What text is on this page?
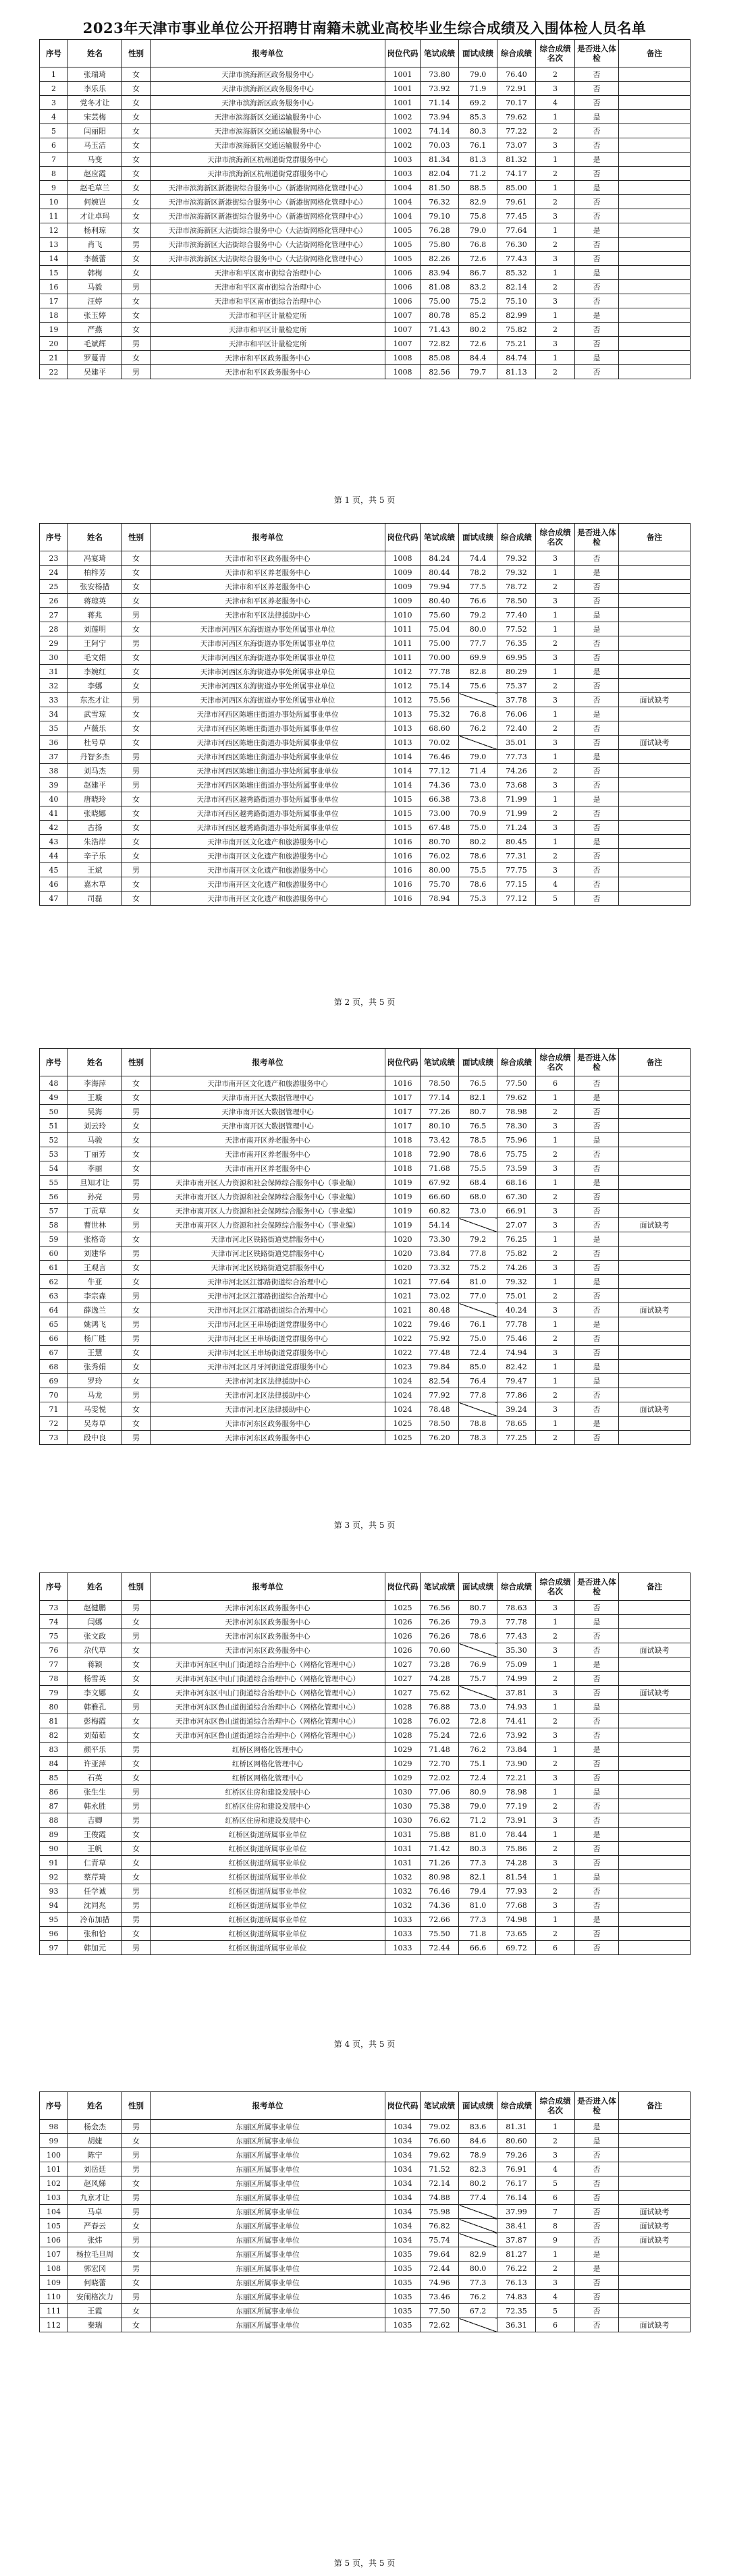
2023年天津市事业单位公开招聘甘南籍未就业高校毕业生综合成绩及入围体检人员名单
序号	姓名	性别	报考单位	岗位代码	笔试成绩	面试成绩	综合成绩	综合成绩名次	是否进入体检	备注
1	张瑞琦	女	天津市滨海新区政务服务中心	1001	73.80	79.0	76.40	2	否	
2	李乐乐	女	天津市滨海新区政务服务中心	1001	73.92	71.9	72.91	3	否	
3	党冬才让	女	天津市滨海新区政务服务中心	1001	71.14	69.2	70.17	4	否	
4	宋芸梅	女	天津市滨海新区交通运输服务中心	1002	73.94	85.3	79.62	1	是	
5	闫丽阳	女	天津市滨海新区交通运输服务中心	1002	74.14	80.3	77.22	2	否	
6	马玉洁	女	天津市滨海新区交通运输服务中心	1002	70.03	76.1	73.07	3	否	
7	马变	女	天津市滨海新区杭州道街党群服务中心	1003	81.34	81.3	81.32	1	是	
8	赵应霞	女	天津市滨海新区杭州道街党群服务中心	1003	82.04	71.2	74.17	2	否	
9	赵毛草兰	女	天津市滨海新区新港街综合服务中心（新港街网格化管理中心）	1004	81.50	88.5	85.00	1	是	
10	何婉岂	女	天津市滨海新区新港街综合服务中心（新港街网格化管理中心）	1004	76.32	82.9	79.61	2	否	
11	才让卓玛	女	天津市滨海新区新港街综合服务中心（新港街网格化管理中心）	1004	79.10	75.8	77.45	3	否	
12	杨利琼	女	天津市滨海新区大沽街综合服务中心（大沽街网格化管理中心）	1005	76.28	79.0	77.64	1	是	
13	肖飞	男	天津市滨海新区大沽街综合服务中心（大沽街网格化管理中心）	1005	75.80	76.8	76.30	2	否	
14	李薇蕾	女	天津市滨海新区大沽街综合服务中心（大沽街网格化管理中心）	1005	82.26	72.6	77.43	3	否	
15	韩梅	女	天津市和平区南市街综合治理中心	1006	83.94	86.7	85.32	1	是	
16	马毅	男	天津市和平区南市街综合治理中心	1006	81.08	83.2	82.14	2	否	
17	汪婷	女	天津市和平区南市街综合治理中心	1006	75.00	75.2	75.10	3	否	
18	张玉婷	女	天津市和平区计量检定所	1007	80.78	85.2	82.99	1	是	
19	严燕	女	天津市和平区计量检定所	1007	71.43	80.2	75.82	2	否	
20	毛斌辉	男	天津市和平区计量检定所	1007	72.82	72.6	75.21	3	否	
21	罗蔓青	女	天津市和平区政务服务中心	1008	85.08	84.4	84.74	1	是	
22	吴建平	男	天津市和平区政务服务中心	1008	82.56	79.7	81.13	2	否	
第 1 页，共 5 页
序号	姓名	性别	报考单位	岗位代码	笔试成绩	面试成绩	综合成绩	综合成绩名次	是否进入体检	备注
23	冯宴琦	女	天津市和平区政务服务中心	1008	84.24	74.4	79.32	3	否	
24	柏梓芳	女	天津市和平区养老服务中心	1009	80.44	78.2	79.32	1	是	
25	张安杨措	女	天津市和平区养老服务中心	1009	79.94	77.5	78.72	2	否	
26	蒋琼英	女	天津市和平区养老服务中心	1009	80.40	76.6	78.50	3	否	
27	蒋兆	男	天津市和平区法律援助中心	1010	75.60	79.2	77.40	1	是	
28	刘莲明	女	天津市河西区东海街道办事处所属事业单位	1011	75.04	80.0	77.52	1	是	
29	王阿宁	男	天津市河西区东海街道办事处所属事业单位	1011	75.00	77.7	76.35	2	否	
30	毛文娟	女	天津市河西区东海街道办事处所属事业单位	1011	70.00	69.9	69.95	3	否	
31	李婉红	女	天津市河西区东海街道办事处所属事业单位	1012	77.78	82.8	80.29	1	是	
32	李娜	女	天津市河西区东海街道办事处所属事业单位	1012	75.14	75.6	75.37	2	否	
33	东杰才让	男	天津市河西区东海街道办事处所属事业单位	1012	75.56		37.78	3	否	面试缺考
34	武雪琼	女	天津市河西区陈塘庄街道办事处所属事业单位	1013	75.32	76.8	76.06	1	是	
35	卢薇乐	女	天津市河西区陈塘庄街道办事处所属事业单位	1013	68.60	76.2	72.40	2	否	
36	杜号草	女	天津市河西区陈塘庄街道办事处所属事业单位	1013	70.02		35.01	3	否	面试缺考
37	丹智多杰	男	天津市河西区陈塘庄街道办事处所属事业单位	1014	76.46	79.0	77.73	1	是	
38	刘马杰	男	天津市河西区陈塘庄街道办事处所属事业单位	1014	77.12	71.4	74.26	2	否	
39	赵建平	男	天津市河西区陈塘庄街道办事处所属事业单位	1014	74.36	73.0	73.68	3	否	
40	唐晓玲	女	天津市河西区越秀路街道办事处所属事业单位	1015	66.38	73.8	71.99	1	是	
41	张晓娜	女	天津市河西区越秀路街道办事处所属事业单位	1015	73.00	70.9	71.99	2	否	
42	古扬	女	天津市河西区越秀路街道办事处所属事业单位	1015	67.48	75.0	71.24	3	否	
43	朱浩岸	女	天津市南开区文化遗产和旅游服务中心	1016	80.70	80.2	80.45	1	是	
44	辛子乐	女	天津市南开区文化遗产和旅游服务中心	1016	76.02	78.6	77.31	2	否	
45	王斌	男	天津市南开区文化遗产和旅游服务中心	1016	80.00	75.5	77.75	3	否	
46	嘉木草	女	天津市南开区文化遗产和旅游服务中心	1016	75.70	78.6	77.15	4	否	
47	司磊	女	天津市南开区文化遗产和旅游服务中心	1016	78.94	75.3	77.12	5	否	
第 2 页，共 5 页
序号	姓名	性别	报考单位	岗位代码	笔试成绩	面试成绩	综合成绩	综合成绩名次	是否进入体检	备注
48	李海萍	女	天津市南开区文化遗产和旅游服务中心	1016	78.50	76.5	77.50	6	否	
49	王璇	女	天津市南开区大数据管理中心	1017	77.14	82.1	79.62	1	是	
50	吴海	男	天津市南开区大数据管理中心	1017	77.26	80.7	78.98	2	否	
51	刘云玲	女	天津市南开区大数据管理中心	1017	80.10	76.5	78.30	3	否	
52	马骏	女	天津市南开区养老服务中心	1018	73.42	78.5	75.96	1	是	
53	丁丽芳	女	天津市南开区养老服务中心	1018	72.90	78.6	75.75	2	否	
54	李丽	女	天津市南开区养老服务中心	1018	71.68	75.5	73.59	3	否	
55	旦知才让	男	天津市南开区人力资源和社会保障综合服务中心（事业编）	1019	67.92	68.4	68.16	1	是	
56	孙亮	男	天津市南开区人力资源和社会保障综合服务中心（事业编）	1019	66.60	68.0	67.30	2	否	
57	丁贡草	女	天津市南开区人力资源和社会保障综合服务中心（事业编）	1019	60.82	73.0	66.91	3	否	
58	曹世林	男	天津市南开区人力资源和社会保障综合服务中心（事业编）	1019	54.14		27.07	3	否	面试缺考
59	张格奇	女	天津市河北区铁路街道党群服务中心	1020	73.30	79.2	76.25	1	是	
60	刘建华	男	天津市河北区铁路街道党群服务中心	1020	73.84	77.8	75.82	2	否	
61	王观言	女	天津市河北区铁路街道党群服务中心	1020	73.32	75.2	74.26	3	否	
62	牛亚	女	天津市河北区江都路街道综合治理中心	1021	77.64	81.0	79.32	1	是	
63	李宗森	男	天津市河北区江都路街道综合治理中心	1021	73.02	77.0	75.01	2	否	
64	薛逸兰	女	天津市河北区江都路街道综合治理中心	1021	80.48		40.24	3	否	面试缺考
65	姚鸿飞	男	天津市河北区王串场街道党群服务中心	1022	79.46	76.1	77.78	1	是	
66	杨广胜	男	天津市河北区王串场街道党群服务中心	1022	75.92	75.0	75.46	2	否	
67	王慧	女	天津市河北区王串场街道党群服务中心	1022	77.48	72.4	74.94	3	否	
68	张秀娟	女	天津市河北区月牙河街道党群服务中心	1023	79.84	85.0	82.42	1	是	
69	罗玲	女	天津市河北区法律援助中心	1024	82.54	76.4	79.47	1	是	
70	马龙	男	天津市河北区法律援助中心	1024	77.92	77.8	77.86	2	否	
71	马雯悦	女	天津市河北区法律援助中心	1024	78.48		39.24	3	否	面试缺考
72	吴寿草	女	天津市河东区政务服务中心	1025	78.50	78.8	78.65	1	是	
73	段中良	男	天津市河东区政务服务中心	1025	76.20	78.3	77.25	2	否	
第 3 页，共 5 页
序号	姓名	性别	报考单位	岗位代码	笔试成绩	面试成绩	综合成绩	综合成绩名次	是否进入体检	备注
73	赵健鹏	男	天津市河东区政务服务中心	1025	76.56	80.7	78.63	3	否	
74	闫娜	女	天津市河东区政务服务中心	1026	76.26	79.3	77.78	1	是	
75	张文政	男	天津市河东区政务服务中心	1026	76.26	78.6	77.43	2	否	
76	尕代草	女	天津市河东区政务服务中心	1026	70.60		35.30	3	否	面试缺考
77	蒋颖	女	天津市河东区中山门街道综合治理中心（网格化管理中心）	1027	73.28	76.9	75.09	1	是	
78	杨雪英	女	天津市河东区中山门街道综合治理中心（网格化管理中心）	1027	74.28	75.7	74.99	2	否	
79	李文娜	女	天津市河东区中山门街道综合治理中心（网格化管理中心）	1027	75.62		37.81	3	否	面试缺考
80	韩雅孔	男	天津市河东区鲁山道街道综合治理中心（网格化管理中心）	1028	76.88	73.0	74.93	1	是	
81	彭梅霞	女	天津市河东区鲁山道街道综合治理中心（网格化管理中心）	1028	76.02	72.8	74.41	2	否	
82	刘茹茹	女	天津市河东区鲁山道街道综合治理中心（网格化管理中心）	1028	75.24	72.6	73.92	3	否	
83	颜平乐	男	红桥区网格化管理中心	1029	71.48	76.2	73.84	1	是	
84	许亚萍	女	红桥区网格化管理中心	1029	72.70	75.1	73.90	2	否	
85	石英	女	红桥区网格化管理中心	1029	72.02	72.4	72.21	3	否	
86	张生生	男	红桥区住房和建设发展中心	1030	77.06	80.9	78.98	1	是	
87	韩永胜	男	红桥区住房和建设发展中心	1030	75.38	79.0	77.19	2	否	
88	吉卿	男	红桥区住房和建设发展中心	1030	76.62	71.2	73.91	3	否	
89	王俊霞	女	红桥区街道所属事业单位	1031	75.88	81.0	78.44	1	是	
90	王帆	女	红桥区街道所属事业单位	1031	71.42	80.3	75.86	2	否	
91	仁青草	女	红桥区街道所属事业单位	1031	71.26	77.3	74.28	3	否	
92	蔡芹琦	女	红桥区街道所属事业单位	1032	80.98	82.1	81.54	1	是	
93	任学诚	男	红桥区街道所属事业单位	1032	76.46	79.4	77.93	2	否	
94	沈同兆	男	红桥区街道所属事业单位	1032	74.36	81.0	77.68	3	否	
95	冷布加措	男	红桥区街道所属事业单位	1033	72.66	77.3	74.98	1	是	
96	张和恰	女	红桥区街道所属事业单位	1033	75.50	71.8	73.65	2	否	
97	韩加元	男	红桥区街道所属事业单位	1033	72.44	66.6	69.72	6	否	
第 4 页，共 5 页
序号	姓名	性别	报考单位	岗位代码	笔试成绩	面试成绩	综合成绩	综合成绩名次	是否进入体检	备注
98	杨金杰	男	东丽区所属事业单位	1034	79.02	83.6	81.31	1	是	
99	胡婕	女	东丽区所属事业单位	1034	76.60	84.6	80.60	2	是	
100	陈宁	男	东丽区所属事业单位	1034	79.62	78.9	79.26	3	否	
101	刘岳廷	男	东丽区所属事业单位	1034	71.52	82.3	76.91	4	否	
102	赵风娣	女	东丽区所属事业单位	1034	72.14	80.2	76.17	5	否	
103	九京才让	男	东丽区所属事业单位	1034	74.88	77.4	76.14	6	否	
104	马卓	男	东丽区所属事业单位	1034	75.98		37.99	7	否	面试缺考
105	严春云	女	东丽区所属事业单位	1034	76.82		38.41	8	否	面试缺考
106	张炜	男	东丽区所属事业单位	1034	75.74		37.87	9	否	面试缺考
107	杨拉毛旦周	女	东丽区所属事业单位	1035	79.64	82.9	81.27	1	是	
108	郭宏冈	男	东丽区所属事业单位	1035	72.44	80.0	76.22	2	是	
109	何晓蕾	女	东丽区所属事业单位	1035	74.96	77.3	76.13	3	否	
110	安闹格次力	男	东丽区所属事业单位	1035	73.46	76.2	74.83	4	否	
111	王霞	女	东丽区所属事业单位	1035	77.50	67.2	72.35	5	否	
112	秦瑞	女	东丽区所属事业单位	1035	72.62		36.31	6	否	面试缺考
第 5 页，共 5 页
